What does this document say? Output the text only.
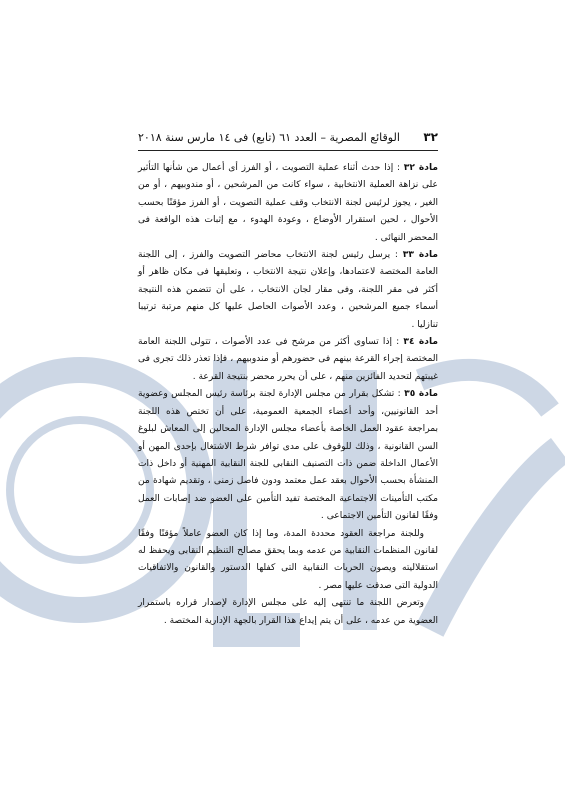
٣٢
الوقائع المصرية – العدد ٦١ (تابع) فى ١٤ مارس سنة ٢٠١٨

مادة ٣٢ : إذا حدث أثناء عملية التصويت ، أو الفرز أى أعمال من شأنها التأثير على نزاهة العملية الانتخابية ، سواء كانت من المرشحين ، أو مندوبيهم ، أو من الغير ، يجوز لرئيس لجنة الانتخاب وقف عملية التصويت ، أو الفرز مؤقتًا بحسب الأحوال ، لحين استقرار الأوضاع ، وعودة الهدوء ، مع إثبات هذه الواقعة فى المحضر النهائى .

مادة ٣٣ : يرسل رئيس لجنة الانتخاب محاضر التصويت والفرز ، إلى اللجنة العامة المختصة لاعتمادها، وإعلان نتيجة الانتخاب ، وتعليقها فى مكان ظاهر أو أكثر فى مقر اللجنة، وفى مقار لجان الانتخاب ، على أن تتضمن هذه النتيجة أسماء جميع المرشحين ، وعدد الأصوات الحاصل عليها كل منهم مرتبة ترتيبا تنازليا .

مادة ٣٤ : إذا تساوى أكثر من مرشح فى عدد الأصوات ، تتولى اللجنة العامة المختصة إجراء القرعة بينهم فى حضورهم أو مندوبيهم ، فإذا تعذر ذلك تجرى فى غيبتهم لتحديد الفائزين منهم ، على أن يحرر محضر بنتيجة القرعة .

مادة ٣٥ : تشكل بقرار من مجلس الإدارة لجنة برئاسة رئيس المجلس وعضوية أحد القانونيين، وأحد أعضاء الجمعية العمومية، على أن تختص هذه اللجنة بمراجعة عقود العمل الخاصة بأعضاء مجلس الإدارة المحالين إلى المعاش لبلوغ السن القانونية ، وذلك للوقوف على مدى توافر شرط الاشتغال بإحدى المهن أو الأعمال الداخلة ضمن ذات التصنيف النقابى للجنة النقابية المهنية أو داخل ذات المنشأة بحسب الأحوال بعقد عمل معتمد ودون فاصل زمنى ، وتقديم شهادة من مكتب التأمينات الاجتماعية المختصة تفيد التأمين على العضو ضد إصابات العمل وفقًا لقانون التأمين الاجتماعى .

وللجنة مراجعة العقود محددة المدة، وما إذا كان العضو عاملاً مؤقتًا وفقًا لقانون المنظمات النقابية من عدمه وبما يحقق مصالح التنظيم النقابى ويحفظ له استقلاليته ويصون الحريات النقابية التى كفلها الدستور والقانون والاتفاقيات الدولية التى صدقت عليها مصر .

وتعرض اللجنة ما تنتهى إليه على مجلس الإدارة لإصدار قراره باستمرار العضوية من عدمه ، على أن يتم إيداع هذا القرار بالجهة الإدارية المختصة .
